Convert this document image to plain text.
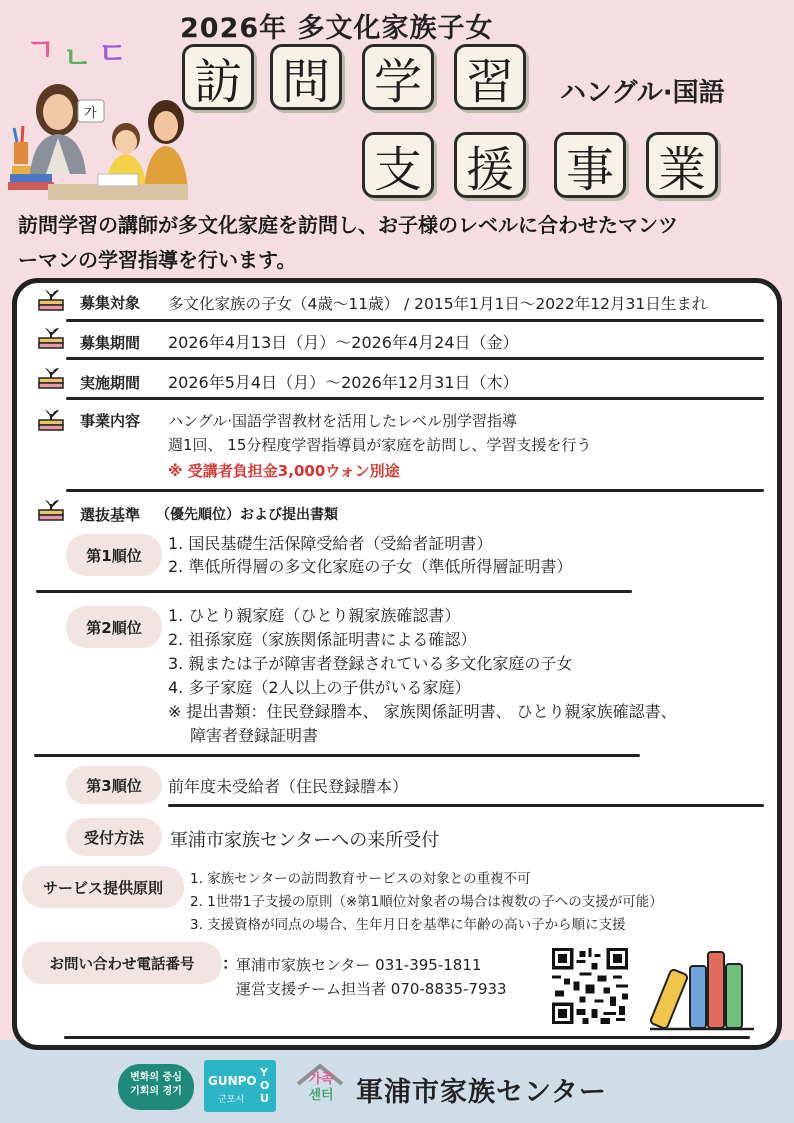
ㄱ ㄴ ㄷ
가
2026年 多文化家族子女
訪 問 学 習	ハングル·国語
支 援 事 業
訪問学習の講師が多文化家庭を訪問し、お子様のレベルに合わせたマンツ
ーマンの学習指導を行います。
募集対象 多文化家族の子女（4歳～11歳） / 2015年1月1日～2022年12月31日生まれ
募集期間 2026年4月13日（月）～2026年4月24日（金）
実施期間 2026年5月4日（月）～2026年12月31日（木）
事業内容 ハングル·国語学習教材を活用したレベル別学習指導
週1回、 15分程度学習指導員が家庭を訪問し、学習支援を行う
※ 受講者負担金3,000ウォン別途
選抜基準 （優先順位）および提出書類
第1順位
1. 国民基礎生活保障受給者（受給者証明書）
2. 準低所得層の多文化家庭の子女（準低所得層証明書）
第2順位
1. ひとり親家庭（ひとり親家族確認書）
2. 祖孫家庭（家族関係証明書による確認）
3. 親または子が障害者登録されている多文化家庭の子女
4. 多子家庭（2人以上の子供がいる家庭）
※ 提出書類：住民登録謄本、 家族関係証明書、 ひとり親家族確認書、
障害者登録証明書
第3順位	前年度未受給者（住民登録謄本）
受付方法	軍浦市家族センターへの来所受付
サービス提供原則	1. 家族センターの訪問教育サービスの対象との重複不可
2. 1世帯1子支援の原則（※第1順位対象者の場合は複数の子への支援が可能）
3. 支援資格が同点の場合、生年月日を基準に年齢の高い子から順に支援
お問い合わせ電話番号	：
軍浦市家族センター 031-395-1811
運営支援チーム担当者 070-8835-7933
변화의 중심
기회의 경기
GUNPO
군포시
YOU
가족
센터 軍浦市家族センター
